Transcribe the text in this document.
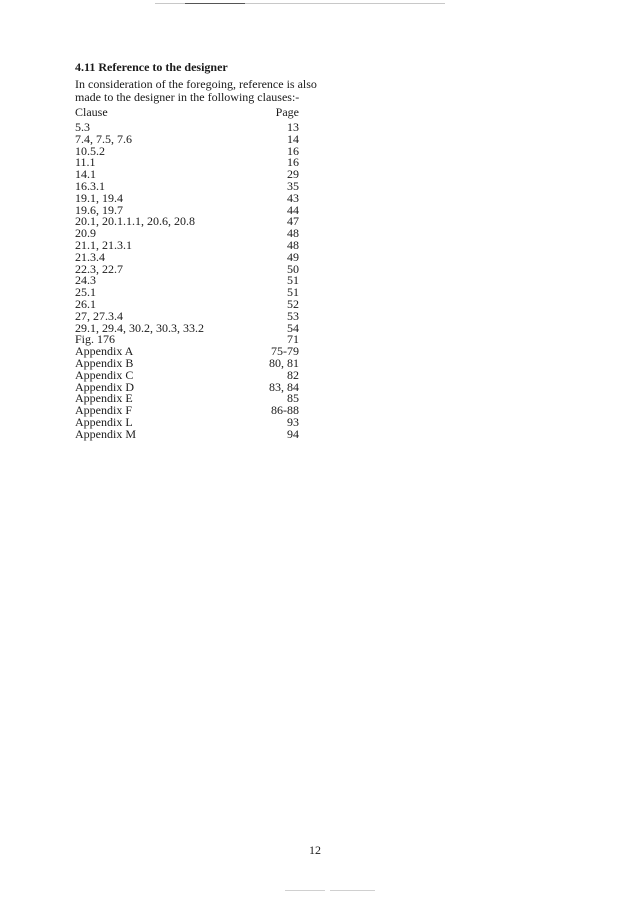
4.11 Reference to the designer

In consideration of the foregoing, reference is also
made to the designer in the following clauses:-

Clause	Page
5.3	13
7.4, 7.5, 7.6	14
10.5.2	16
11.1	16
14.1	29
16.3.1	35
19.1, 19.4	43
19.6, 19.7	44
20.1, 20.1.1.1, 20.6, 20.8	47
20.9	48
21.1, 21.3.1	48
21.3.4	49
22.3, 22.7	50
24.3	51
25.1	51
26.1	52
27, 27.3.4	53
29.1, 29.4, 30.2, 30.3, 33.2	54
Fig. 176	71
Appendix A	75-79
Appendix B	80, 81
Appendix C	82
Appendix D	83, 84
Appendix E	85
Appendix F	86-88
Appendix L	93
Appendix M	94
12
